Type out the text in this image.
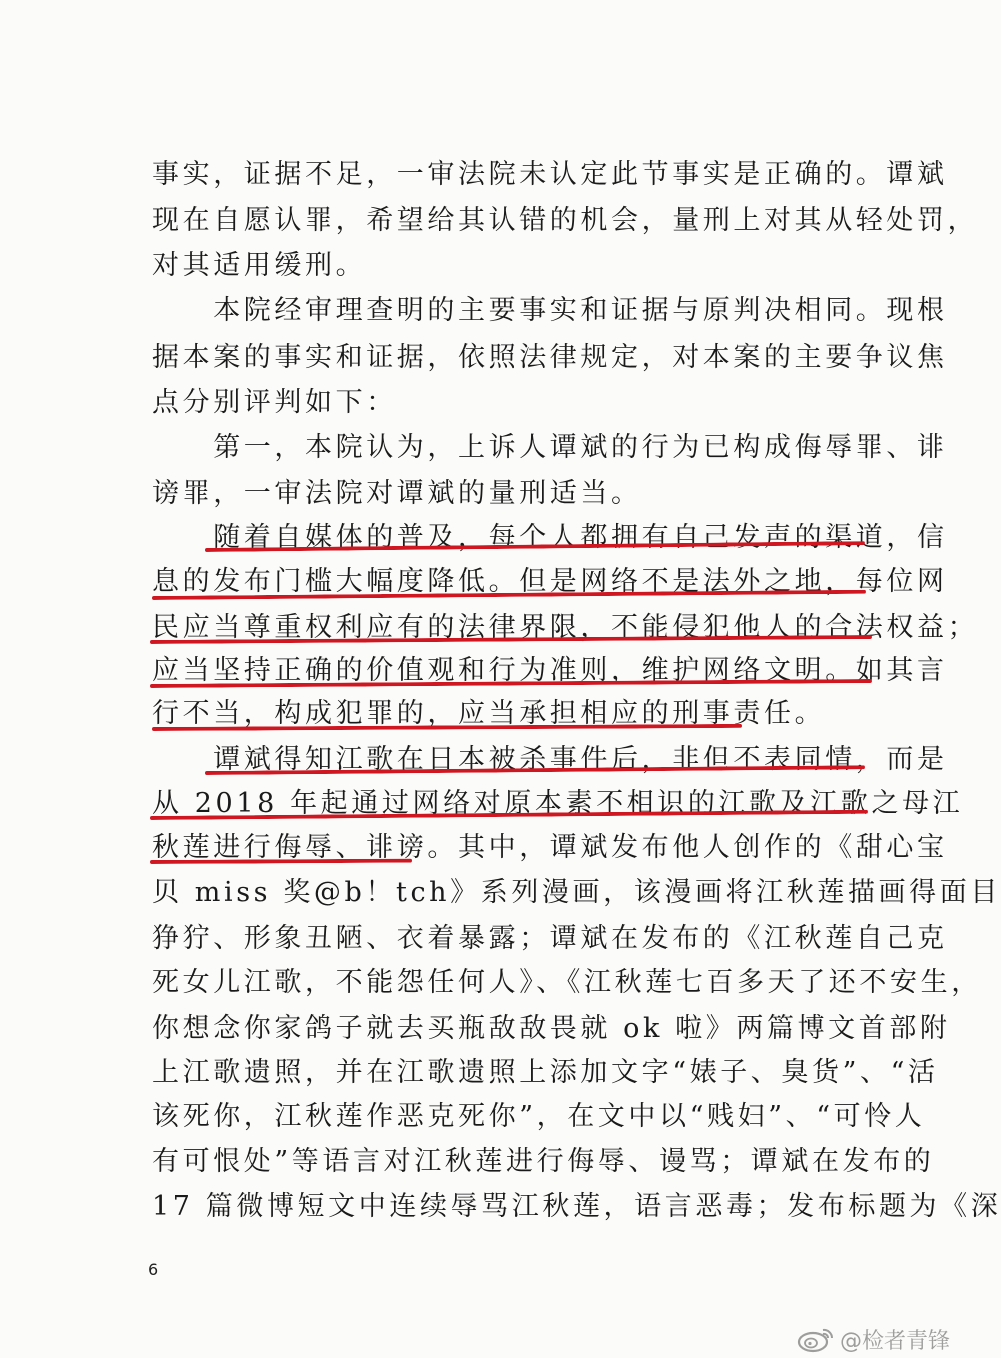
事实，证据不足，一审法院未认定此节事实是正确的。谭斌
现在自愿认罪，希望给其认错的机会，量刑上对其从轻处罚，
对其适用缓刑。
　　本院经审理查明的主要事实和证据与原判决相同。现根
据本案的事实和证据，依照法律规定，对本案的主要争议焦
点分别评判如下：
　　第一，本院认为，上诉人谭斌的行为已构成侮辱罪、诽
谤罪，一审法院对谭斌的量刑适当。
　　随着自媒体的普及，每个人都拥有自己发声的渠道，信
息的发布门槛大幅度降低。但是网络不是法外之地，每位网
民应当尊重权利应有的法律界限，不能侵犯他人的合法权益；
应当坚持正确的价值观和行为准则，维护网络文明。如其言
行不当，构成犯罪的，应当承担相应的刑事责任。
　　谭斌得知江歌在日本被杀事件后，非但不表同情，而是
从 2018 年起通过网络对原本素不相识的江歌及江歌之母江
秋莲进行侮辱、诽谤。其中，谭斌发布他人创作的《甜心宝
贝 miss 奖@b！tch》系列漫画，该漫画将江秋莲描画得面目
狰狞、形象丑陋、衣着暴露；谭斌在发布的《江秋莲自己克
死女儿江歌，不能怨任何人》、《江秋莲七百多天了还不安生，
你想念你家鸽子就去买瓶敌敌畏就 ok 啦》两篇博文首部附
上江歌遗照，并在江歌遗照上添加文字“婊子、臭货”、“活
该死你，江秋莲作恶克死你”，在文中以“贱妇”、“可怜人
有可恨处”等语言对江秋莲进行侮辱、谩骂；谭斌在发布的
17 篇微博短文中连续辱骂江秋莲，语言恶毒；发布标题为《深
6
@检者青锋
